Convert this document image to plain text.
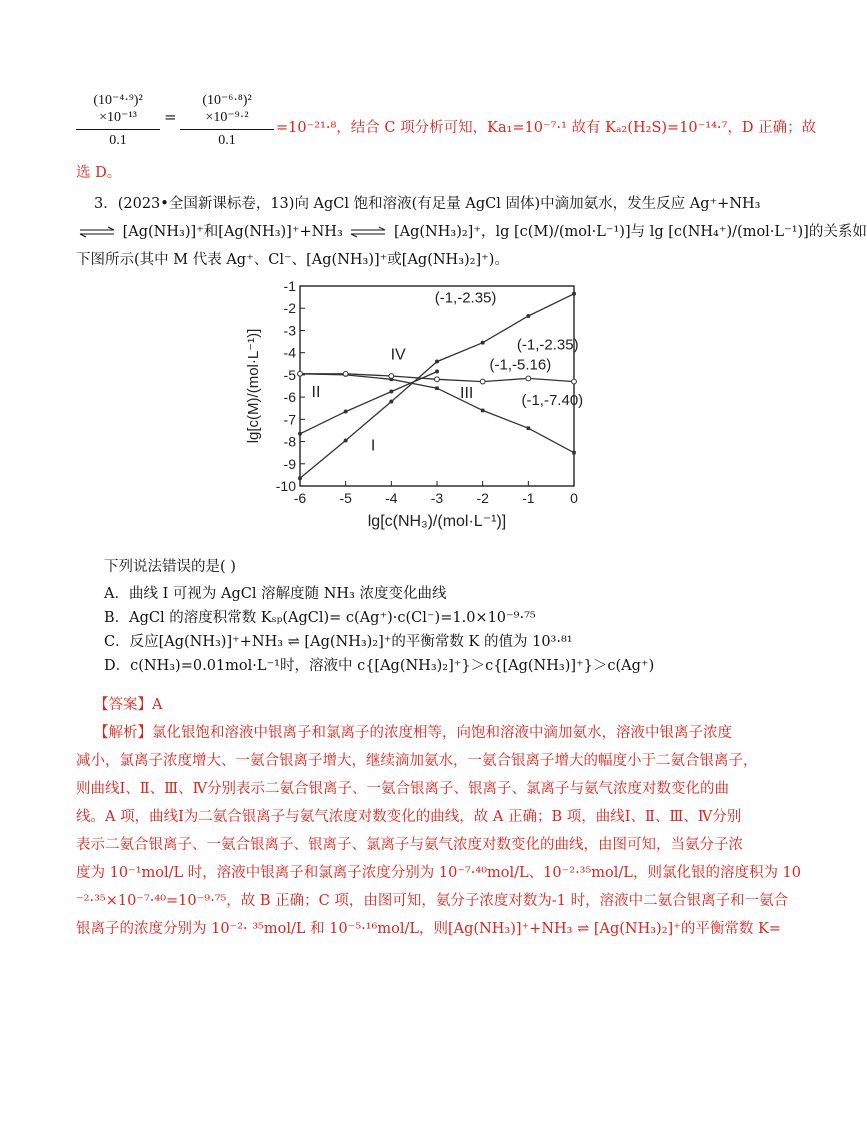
(10⁻⁴·⁹)² ×10⁻¹³
0.1
=
(10⁻⁶·⁸)² ×10⁻⁹·²
0.1
=10⁻²¹·⁸，结合 C 项分析可知，Ka₁=10⁻⁷·¹ 故有 Kₐ₂(H₂S)=10⁻¹⁴·⁷，D 正确；故
选 D。
3．(2023•全国新课标卷，13)向 AgCl 饱和溶液(有足量 AgCl 固体)中滴加氨水，发生反应 Ag⁺+NH₃
⇌ [Ag(NH₃)]⁺和[Ag(NH₃)]⁺+NH₃ ⇌ [Ag(NH₃)₂]⁺，lg [c(M)/(mol·L⁻¹)]与 lg [c(NH₄⁺)/(mol·L⁻¹)]的关系如
下图所示(其中 M 代表 Ag⁺、Cl⁻、[Ag(NH₃)]⁺或[Ag(NH₃)₂]⁺)。
-6 -5 -4 -3 -2 -1	0
-1
-2
-3
-4
-5
-6
-7
-8
-9
-10
lg[c(NH₃)/(mol·L⁻¹)]
lg[c(M)/(mol·L⁻¹)]	IV
II	III
I
(-1,-2.35)
(-1,-2.35)
(-1,-5.16)
(-1,-7.40)
下列说法错误的是( )
A．曲线 I 可视为 AgCl 溶解度随 NH₃ 浓度变化曲线
B．AgCl 的溶度积常数 Kₛₚ(AgCl)= c(Ag⁺)·c(Cl⁻)=1.0×10⁻⁹·⁷⁵
C．反应[Ag(NH₃)]⁺+NH₃ ⇌ [Ag(NH₃)₂]⁺的平衡常数 K 的值为 10³·⁸¹
D．c(NH₃)=0.01mol·L⁻¹时，溶液中 c{[Ag(NH₃)₂]⁺}＞c{[Ag(NH₃)]⁺}＞c(Ag⁺)
【答案】A
【解析】氯化银饱和溶液中银离子和氯离子的浓度相等，向饱和溶液中滴加氨水，溶液中银离子浓度
减小，氯离子浓度增大、一氨合银离子增大，继续滴加氨水，一氨合银离子增大的幅度小于二氨合银离子，
则曲线Ⅰ、Ⅱ、Ⅲ、Ⅳ分别表示二氨合银离子、一氨合银离子、银离子、氯离子与氨气浓度对数变化的曲
线。A 项，曲线Ⅰ为二氨合银离子与氨气浓度对数变化的曲线，故 A 正确；B 项，曲线Ⅰ、Ⅱ、Ⅲ、Ⅳ分别
表示二氨合银离子、一氨合银离子、银离子、氯离子与氨气浓度对数变化的曲线，由图可知，当氨分子浓
度为 10⁻¹mol/L 时，溶液中银离子和氯离子浓度分别为 10⁻⁷·⁴⁰mol/L、10⁻²·³⁵mol/L，则氯化银的溶度积为 10
⁻²·³⁵×10⁻⁷·⁴⁰=10⁻⁹·⁷⁵，故 B 正确；C 项，由图可知，氨分子浓度对数为-1 时，溶液中二氨合银离子和一氨合
银离子的浓度分别为 10⁻²· ³⁵mol/L 和 10⁻⁵·¹⁶mol/L，则[Ag(NH₃)]⁺+NH₃ ⇌ [Ag(NH₃)₂]⁺的平衡常数 K=
